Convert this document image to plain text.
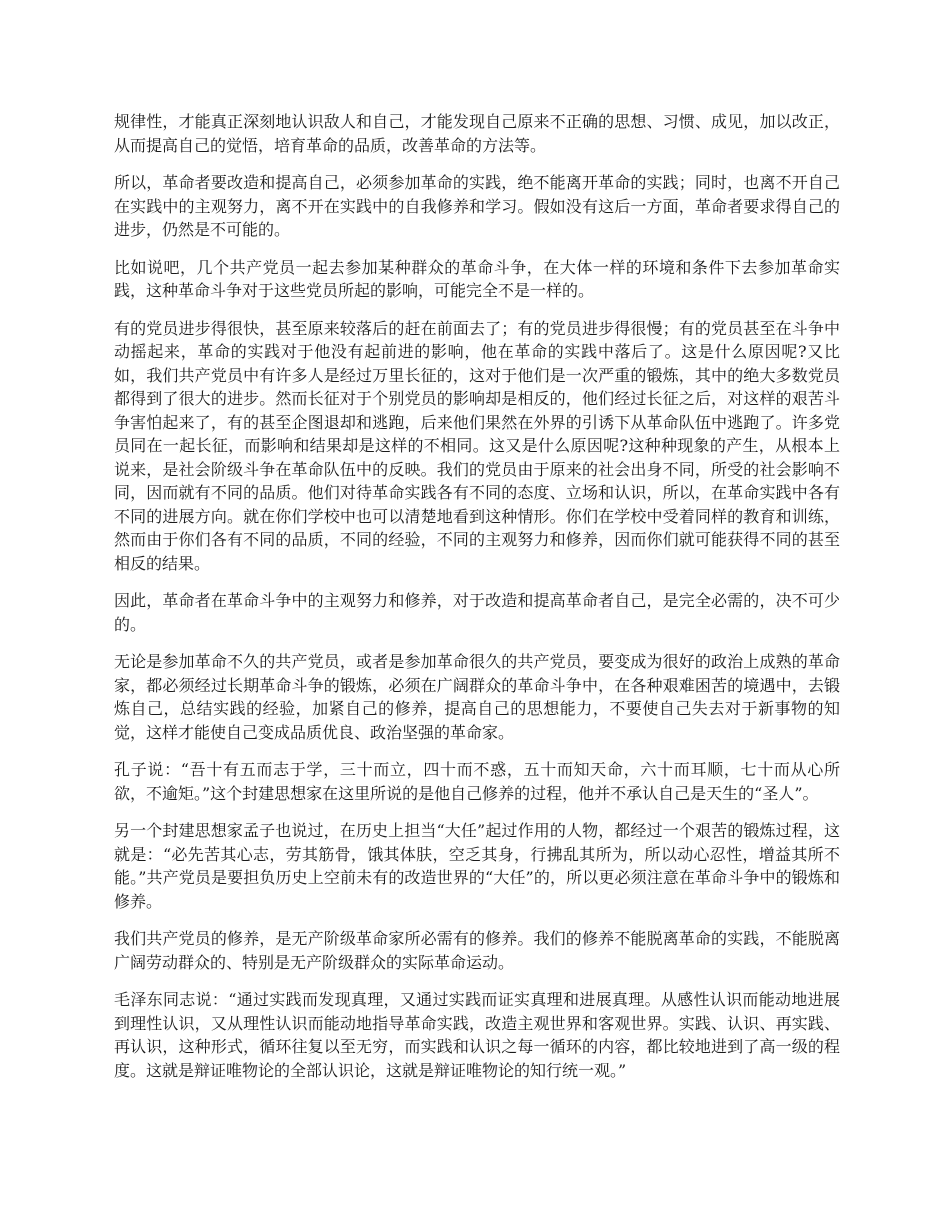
规律性，才能真正深刻地认识敌人和自己，才能发现自己原来不正确的思想、习惯、成见，加以改正，从而提高自己的觉悟，培育革命的品质，改善革命的方法等。

所以，革命者要改造和提高自己，必须参加革命的实践，绝不能离开革命的实践；同时，也离不开自己在实践中的主观努力，离不开在实践中的自我修养和学习。假如没有这后一方面，革命者要求得自己的进步，仍然是不可能的。

比如说吧，几个共产党员一起去参加某种群众的革命斗争，在大体一样的环境和条件下去参加革命实践，这种革命斗争对于这些党员所起的影响，可能完全不是一样的。

有的党员进步得很快，甚至原来较落后的赶在前面去了；有的党员进步得很慢；有的党员甚至在斗争中动摇起来，革命的实践对于他没有起前进的影响，他在革命的实践中落后了。这是什么原因呢?又比如，我们共产党员中有许多人是经过万里长征的，这对于他们是一次严重的锻炼，其中的绝大多数党员都得到了很大的进步。然而长征对于个别党员的影响却是相反的，他们经过长征之后，对这样的艰苦斗争害怕起来了，有的甚至企图退却和逃跑，后来他们果然在外界的引诱下从革命队伍中逃跑了。许多党员同在一起长征，而影响和结果却是这样的不相同。这又是什么原因呢?这种种现象的产生，从根本上说来，是社会阶级斗争在革命队伍中的反映。我们的党员由于原来的社会出身不同，所受的社会影响不同，因而就有不同的品质。他们对待革命实践各有不同的态度、立场和认识，所以，在革命实践中各有不同的进展方向。就在你们学校中也可以清楚地看到这种情形。你们在学校中受着同样的教育和训练，然而由于你们各有不同的品质，不同的经验，不同的主观努力和修养，因而你们就可能获得不同的甚至相反的结果。

因此，革命者在革命斗争中的主观努力和修养，对于改造和提高革命者自己，是完全必需的，决不可少的。

无论是参加革命不久的共产党员，或者是参加革命很久的共产党员，要变成为很好的政治上成熟的革命家，都必须经过长期革命斗争的锻炼，必须在广阔群众的革命斗争中，在各种艰难困苦的境遇中，去锻炼自己，总结实践的经验，加紧自己的修养，提高自己的思想能力，不要使自己失去对于新事物的知觉，这样才能使自己变成品质优良、政治坚强的革命家。

孔子说：“吾十有五而志于学，三十而立，四十而不惑，五十而知天命，六十而耳顺，七十而从心所欲，不逾矩。”这个封建思想家在这里所说的是他自己修养的过程，他并不承认自己是天生的“圣人”。

另一个封建思想家孟子也说过，在历史上担当“大任”起过作用的人物，都经过一个艰苦的锻炼过程，这就是：“必先苦其心志，劳其筋骨，饿其体肤，空乏其身，行拂乱其所为，所以动心忍性，增益其所不能。”共产党员是要担负历史上空前未有的改造世界的“大任”的，所以更必须注意在革命斗争中的锻炼和修养。

我们共产党员的修养，是无产阶级革命家所必需有的修养。我们的修养不能脱离革命的实践，不能脱离广阔劳动群众的、特别是无产阶级群众的实际革命运动。

毛泽东同志说：“通过实践而发现真理，又通过实践而证实真理和进展真理。从感性认识而能动地进展到理性认识，又从理性认识而能动地指导革命实践，改造主观世界和客观世界。实践、认识、再实践、再认识，这种形式，循环往复以至无穷，而实践和认识之每一循环的内容，都比较地进到了高一级的程度。这就是辩证唯物论的全部认识论，这就是辩证唯物论的知行统一观。”
